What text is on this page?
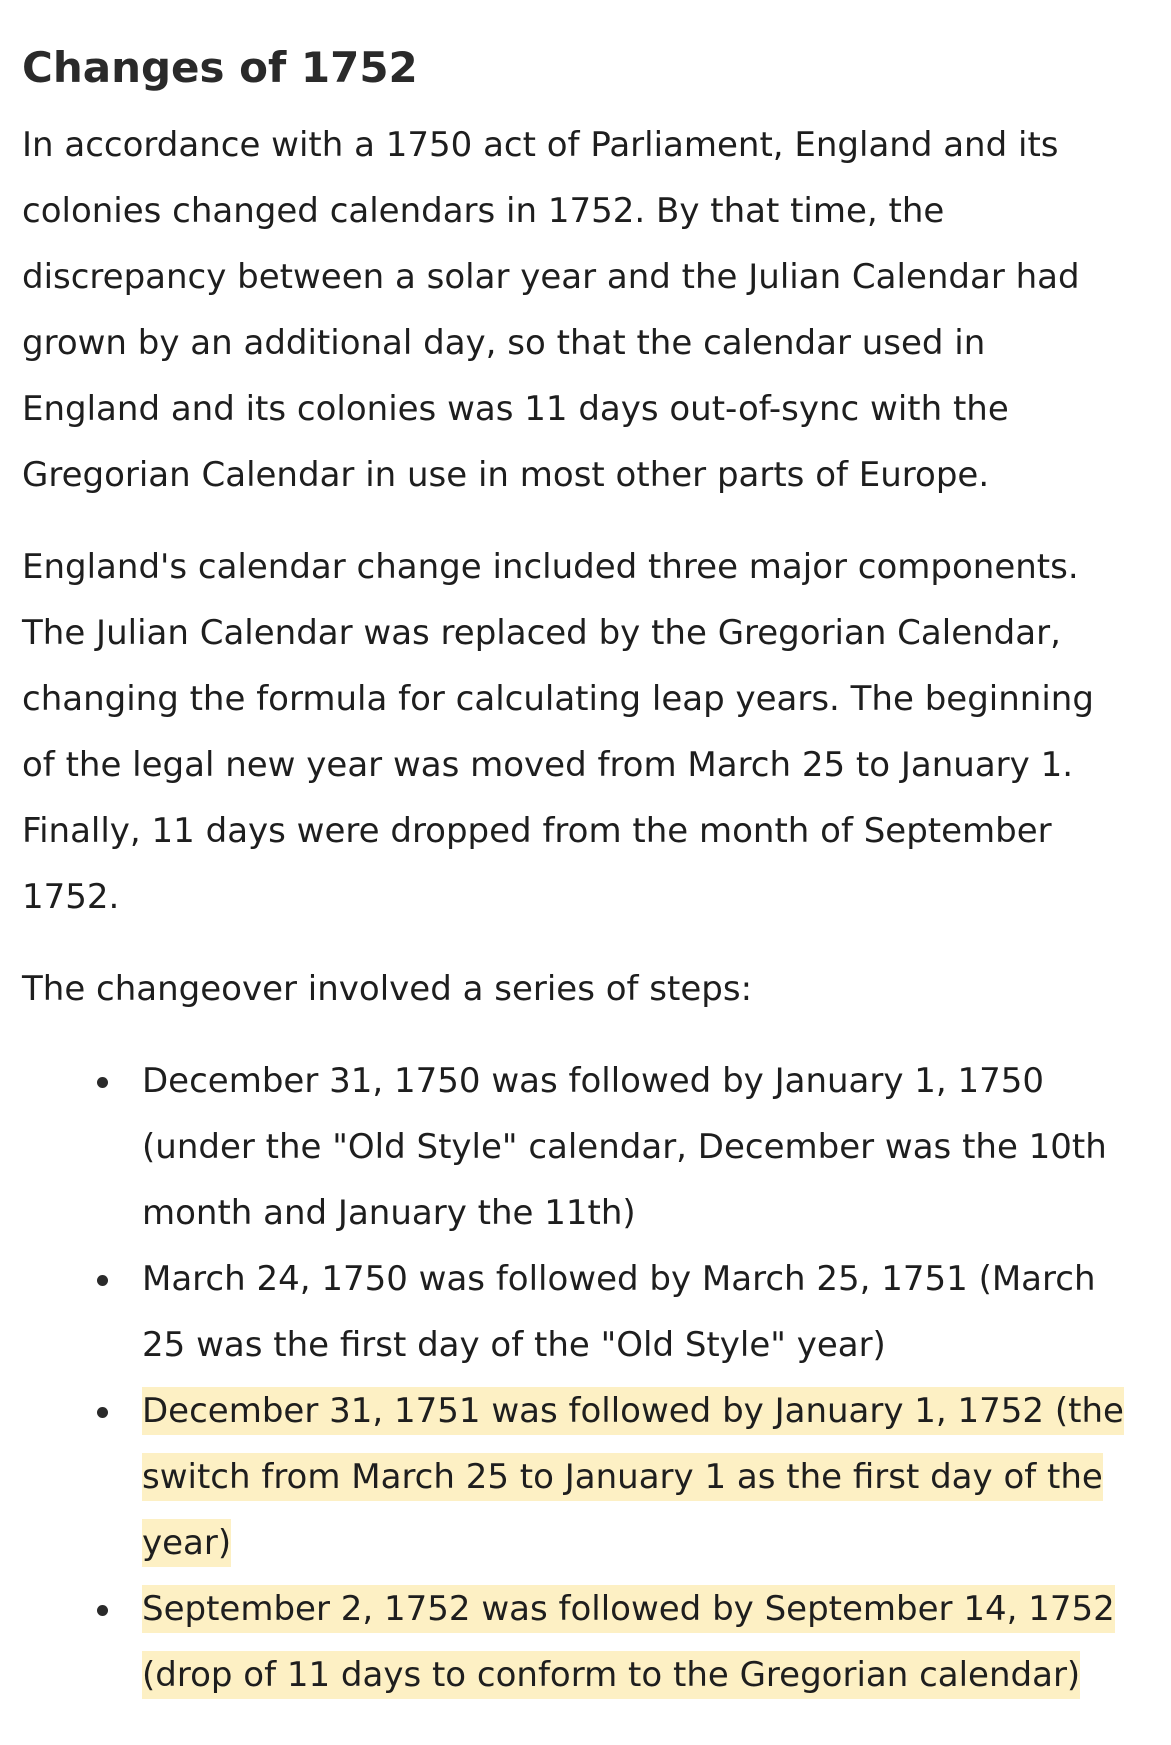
Changes of 1752

In accordance with a 1750 act of Parliament, England and its colonies changed calendars in 1752. By that time, the discrepancy between a solar year and the Julian Calendar had grown by an additional day, so that the calendar used in England and its colonies was 11 days out-of-sync with the Gregorian Calendar in use in most other parts of Europe.

England's calendar change included three major components. The Julian Calendar was replaced by the Gregorian Calendar, changing the formula for calculating leap years. The beginning of the legal new year was moved from March 25 to January 1. Finally, 11 days were dropped from the month of September 1752.

The changeover involved a series of steps:

December 31, 1750 was followed by January 1, 1750 (under the "Old Style" calendar, December was the 10th month and January the 11th)
March 24, 1750 was followed by March 25, 1751 (March 25 was the first day of the "Old Style" year)
December 31, 1751 was followed by January 1, 1752 (the switch from March 25 to January 1 as the first day of the year)
September 2, 1752 was followed by September 14, 1752 (drop of 11 days to conform to the Gregorian calendar)
